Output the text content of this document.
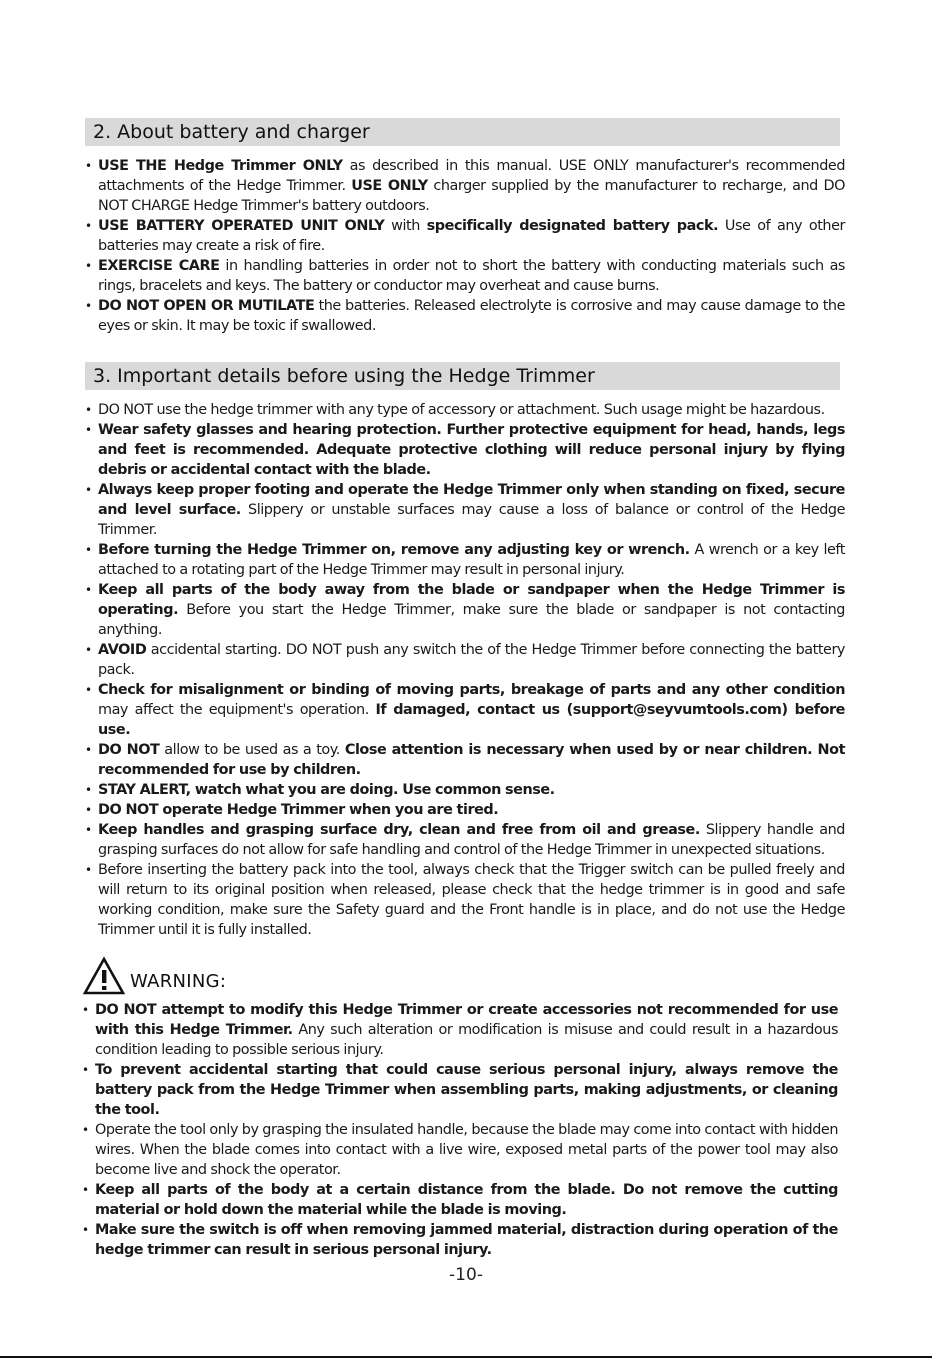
2. About battery and charger
• USE THE Hedge Trimmer ONLY as described in this manual. USE ONLY manufacturer's recommended attachments of the Hedge Trimmer. USE ONLY charger supplied by the manufacturer to recharge, and DO NOT CHARGE Hedge Trimmer's battery outdoors.
• USE BATTERY OPERATED UNIT ONLY with specifically designated battery pack. Use of any other batteries may create a risk of fire.
• EXERCISE CARE in handling batteries in order not to short the battery with conducting materials such as rings, bracelets and keys. The battery or conductor may overheat and cause burns.
• DO NOT OPEN OR MUTILATE the batteries. Released electrolyte is corrosive and may cause damage to the eyes or skin. It may be toxic if swallowed.
3. Important details before using the Hedge Trimmer
• DO NOT use the hedge trimmer with any type of accessory or attachment. Such usage might be hazardous.
• Wear safety glasses and hearing protection. Further protective equipment for head, hands, legs and feet is recommended. Adequate protective clothing will reduce personal injury by flying debris or accidental contact with the blade.
• Always keep proper footing and operate the Hedge Trimmer only when standing on fixed, secure and level surface. Slippery or unstable surfaces may cause a loss of balance or control of the Hedge Trimmer.
• Before turning the Hedge Trimmer on, remove any adjusting key or wrench. A wrench or a key left attached to a rotating part of the Hedge Trimmer may result in personal injury.
• Keep all parts of the body away from the blade or sandpaper when the Hedge Trimmer is operating. Before you start the Hedge Trimmer, make sure the blade or sandpaper is not contacting anything.
• AVOID accidental starting. DO NOT push any switch the of the Hedge Trimmer before connecting the battery pack.
• Check for misalignment or binding of moving parts, breakage of parts and any other condition may affect the equipment's operation. If damaged, contact us (support@seyvumtools.com) before use.
• DO NOT allow to be used as a toy. Close attention is necessary when used by or near children. Not recommended for use by children.
• STAY ALERT, watch what you are doing. Use common sense.
• DO NOT operate Hedge Trimmer when you are tired.
• Keep handles and grasping surface dry, clean and free from oil and grease. Slippery handle and grasping surfaces do not allow for safe handling and control of the Hedge Trimmer in unexpected situations.
• Before inserting the battery pack into the tool, always check that the Trigger switch can be pulled freely and will return to its original position when released, please check that the hedge trimmer is in good and safe working condition, make sure the Safety guard and the Front handle is in place, and do not use the Hedge Trimmer until it is fully installed.
WARNING:
• DO NOT attempt to modify this Hedge Trimmer or create accessories not recommended for use with this Hedge Trimmer. Any such alteration or modification is misuse and could result in a hazardous condition leading to possible serious injury.
• To prevent accidental starting that could cause serious personal injury, always remove the battery pack from the Hedge Trimmer when assembling parts, making adjustments, or cleaning the tool.
• Operate the tool only by grasping the insulated handle, because the blade may come into contact with hidden wires. When the blade comes into contact with a live wire, exposed metal parts of the power tool may also become live and shock the operator.
• Keep all parts of the body at a certain distance from the blade. Do not remove the cutting material or hold down the material while the blade is moving.
• Make sure the switch is off when removing jammed material, distraction during operation of the hedge trimmer can result in serious personal injury.
-10-
